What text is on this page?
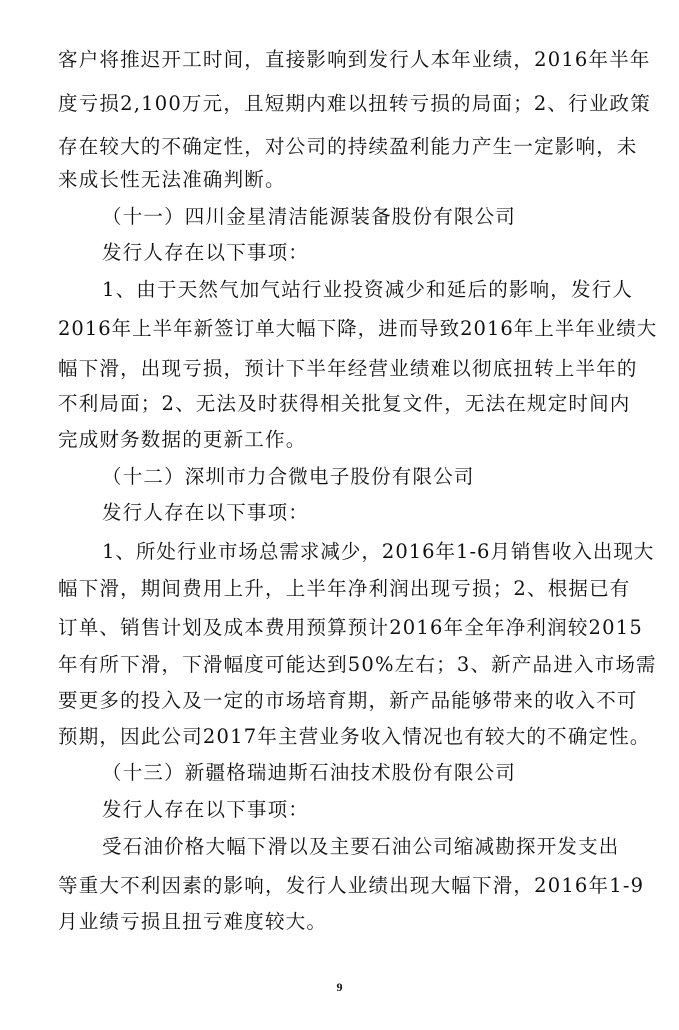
客户将推迟开工时间，直接影响到发行人本年业绩，2016年半年
度亏损2,100万元，且短期内难以扭转亏损的局面；2、行业政策
存在较大的不确定性，对公司的持续盈利能力产生一定影响，未
来成长性无法准确判断。
（十一）四川金星清洁能源装备股份有限公司
发行人存在以下事项：
1、由于天然气加气站行业投资减少和延后的影响，发行人
2016年上半年新签订单大幅下降，进而导致2016年上半年业绩大
幅下滑，出现亏损，预计下半年经营业绩难以彻底扭转上半年的
不利局面；2、无法及时获得相关批复文件，无法在规定时间内
完成财务数据的更新工作。
（十二）深圳市力合微电子股份有限公司
发行人存在以下事项：
1、所处行业市场总需求减少，2016年1-6月销售收入出现大
幅下滑，期间费用上升，上半年净利润出现亏损；2、根据已有
订单、销售计划及成本费用预算预计2016年全年净利润较2015
年有所下滑，下滑幅度可能达到50%左右；3、新产品进入市场需
要更多的投入及一定的市场培育期，新产品能够带来的收入不可
预期，因此公司2017年主营业务收入情况也有较大的不确定性。
（十三）新疆格瑞迪斯石油技术股份有限公司
发行人存在以下事项：
受石油价格大幅下滑以及主要石油公司缩减勘探开发支出
等重大不利因素的影响，发行人业绩出现大幅下滑，2016年1-9
月业绩亏损且扭亏难度较大。
9
